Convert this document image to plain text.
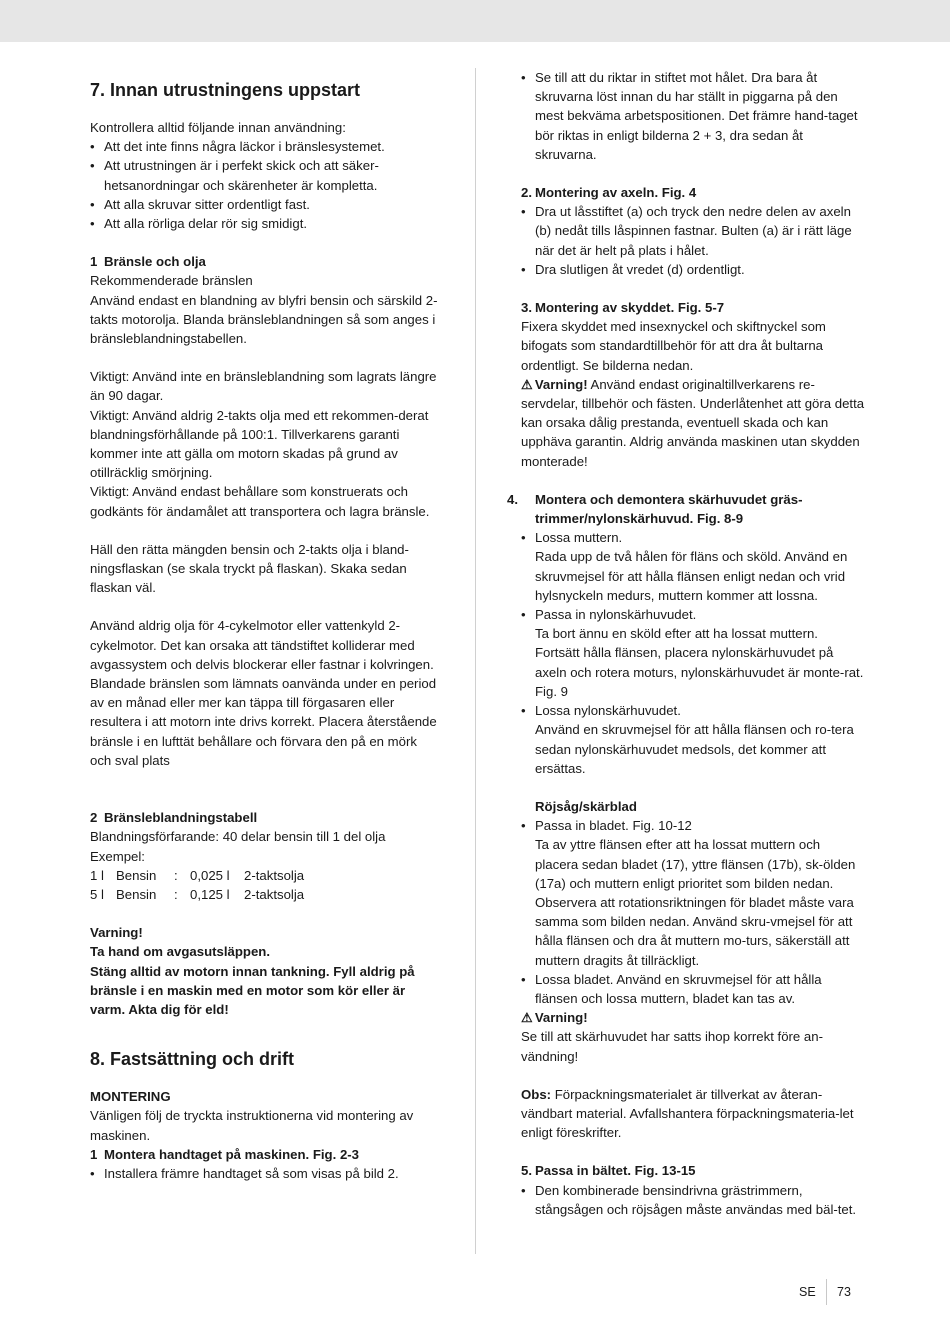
7. Innan utrustningens uppstart

Kontrollera alltid följande innan användning:

• Att det inte finns några läckor i bränslesystemet.
• Att utrustningen är i perfekt skick och att säker-hetsanordningar och skärenheter är kompletta.
• Att alla skruvar sitter ordentligt fast.
• Att alla rörliga delar rör sig smidigt.

1 Bränsle och olja

Rekommenderade bränslen

Använd endast en blandning av blyfri bensin och särskild 2-takts motorolja. Blanda bränsleblandningen så som anges i bränsleblandningstabellen.

Viktigt: Använd inte en bränsleblandning som lagrats längre än 90 dagar.

Viktigt: Använd aldrig 2-takts olja med ett rekommen-derat blandningsförhållande på 100:1. Tillverkarens garanti

kommer inte att gälla om motorn skadas på grund av otillräcklig smörjning.

Viktigt: Använd endast behållare som konstruerats och godkänts för ändamålet att transportera och lagra bränsle.

Häll den rätta mängden bensin och 2-takts olja i bland-ningsflaskan (se skala tryckt på flaskan). Skaka sedan flaskan väl.

Använd aldrig olja för 4-cykelmotor eller vattenkyld 2-cykelmotor. Det kan orsaka att tändstiftet kolliderar med avgassystem och delvis blockerar eller fastnar i kolvringen.

Blandade bränslen som lämnats oanvända under en period av en månad eller mer kan täppa till förgasaren eller resultera i att motorn inte drivs korrekt. Placera återstående bränsle i en lufttät behållare och förvara den på en mörk och sval plats

2 Bränsleblandningstabell

Blandningsförfarande: 40 delar bensin till 1 del olja

Exempel:

1 l Bensin	: 0,025 l	2-taktsolja
5 l Bensin	: 0,125 l	2-taktsolja

Varning!

Ta hand om avgasutsläppen.

Stäng alltid av motorn innan tankning. Fyll aldrig på bränsle i en maskin med en motor som kör eller är varm. Akta dig för eld!

8. Fastsättning och drift

MONTERING

Vänligen följ de tryckta instruktionerna vid montering av maskinen.

1 Montera handtaget på maskinen. Fig. 2-3

• Installera främre handtaget så som visas på bild 2.
• Se till att du riktar in stiftet mot hålet. Dra bara åt skruvarna löst innan du har ställt in piggarna på den mest bekväma arbetspositionen. Det främre hand-taget bör riktas in enligt bilderna 2 + 3, dra sedan åt skruvarna.

2. Montering av axeln. Fig. 4

• Dra ut låsstiftet (a) och tryck den nedre delen av axeln (b) nedåt tills låspinnen fastnar. Bulten (a) är i rätt läge när det är helt på plats i hålet.
• Dra slutligen åt vredet (d) ordentligt.

3. Montering av skyddet. Fig. 5-7

Fixera skyddet med insexnyckel och skiftnyckel som bifogats som standardtillbehör för att dra åt bultarna ordentligt. Se bilderna nedan.

⚠ Varning! Använd endast originaltillverkarens re-servdelar, tillbehör och fästen. Underlåtenhet att göra detta kan orsaka dålig prestanda, eventuell skada och kan upphäva garantin. Aldrig använda maskinen utan skydden monterade!

4. Montera och demontera skärhuvudet grästrimmer/nylonskärhuvud. Fig. 8-9

• Lossa muttern.
Rada upp de två hålen för fläns och sköld. Använd en skruvmejsel för att hålla flänsen enligt nedan och vrid hylsnyckeln medurs, muttern kommer att lossna.
• Passa in nylonskärhuvudet.
Ta bort ännu en sköld efter att ha lossat muttern. Fortsätt hålla flänsen, placera nylonskärhuvudet på axeln och rotera moturs, nylonskärhuvudet är monte-rat. Fig. 9
• Lossa nylonskärhuvudet.
Använd en skruvmejsel för att hålla flänsen och ro-tera sedan nylonskärhuvudet medsols, det kommer att ersättas.

Röjsåg/skärblad

• Passa in bladet. Fig. 10-12
Ta av yttre flänsen efter att ha lossat muttern och placera sedan bladet (17), yttre flänsen (17b), sk-ölden (17a) och muttern enligt prioritet som bilden nedan. Observera att rotationsriktningen för bladet måste vara samma som bilden nedan. Använd skru-vmejsel för att hålla flänsen och dra åt muttern mo-turs, säkerställ att muttern dragits åt tillräckligt.
• Lossa bladet. Använd en skruvmejsel för att hålla flänsen och lossa muttern, bladet kan tas av.

⚠ Varning!

Se till att skärhuvudet har satts ihop korrekt före an-vändning!

Obs: Förpackningsmaterialet är tillverkat av återan-vändbart material. Avfallshantera förpackningsmateria-let enligt föreskrifter.

5. Passa in bältet. Fig. 13-15

• Den kombinerade bensindrivna grästrimmern, stångsågen och röjsågen måste användas med bäl-tet.
SE 73
